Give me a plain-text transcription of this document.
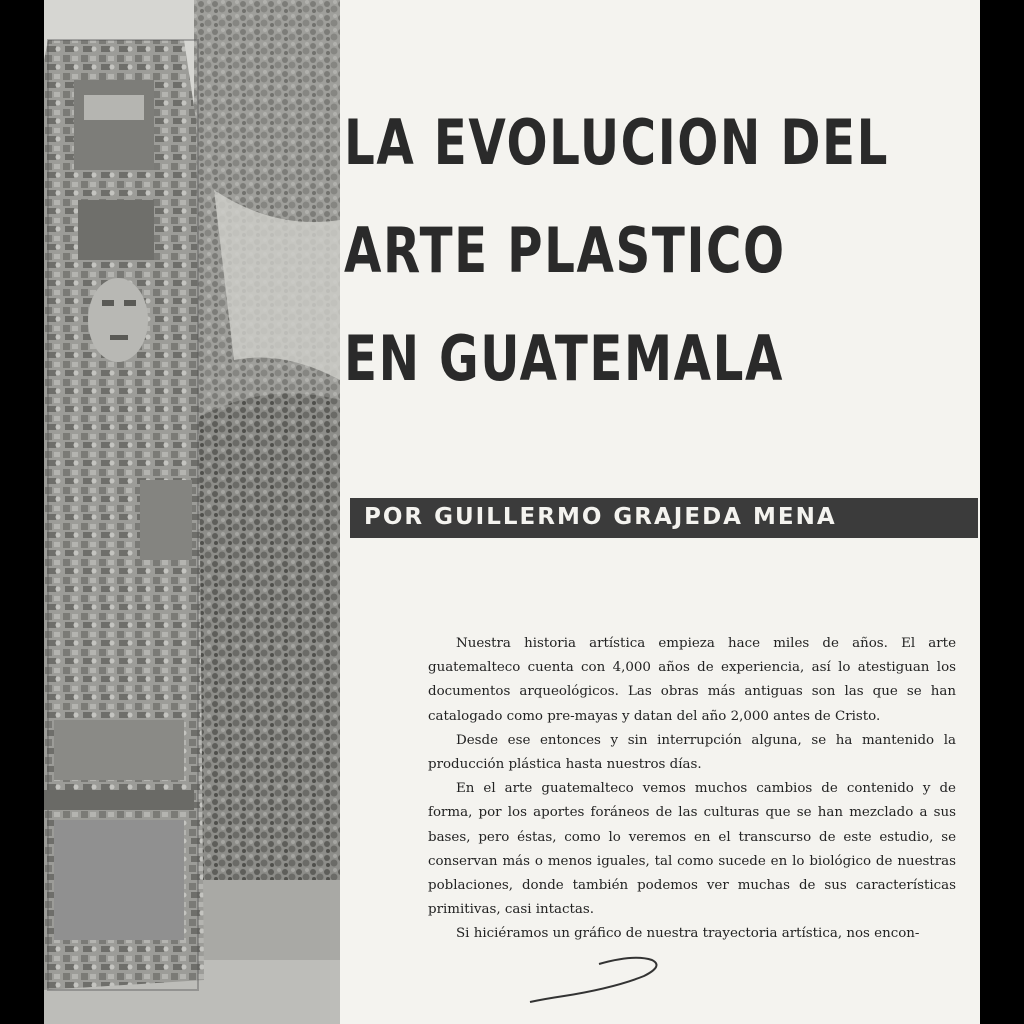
LA EVOLUCION DEL
ARTE PLASTICO
EN GUATEMALA
POR GUILLERMO GRAJEDA MENA

Nuestra historia artística empieza hace miles de años. El arte guatemalteco cuenta con 4,000 años de experiencia, así lo atestiguan los documentos arqueológicos. Las obras más antiguas son las que se han catalogado como pre-mayas y datan del año 2,000 antes de Cristo.

Desde ese entonces y sin interrupción alguna, se ha mantenido la producción plástica hasta nuestros días.

En el arte guatemalteco vemos muchos cambios de contenido y de forma, por los aportes foráneos de las culturas que se han mezclado a sus bases, pero éstas, como lo veremos en el transcurso de este estudio, se conservan más o menos iguales, tal como sucede en lo biológico de nuestras poblaciones, donde también podemos ver muchas de sus características primitivas, casi intactas.

Si hiciéramos un gráfico de nuestra trayectoria artística, nos encon-
